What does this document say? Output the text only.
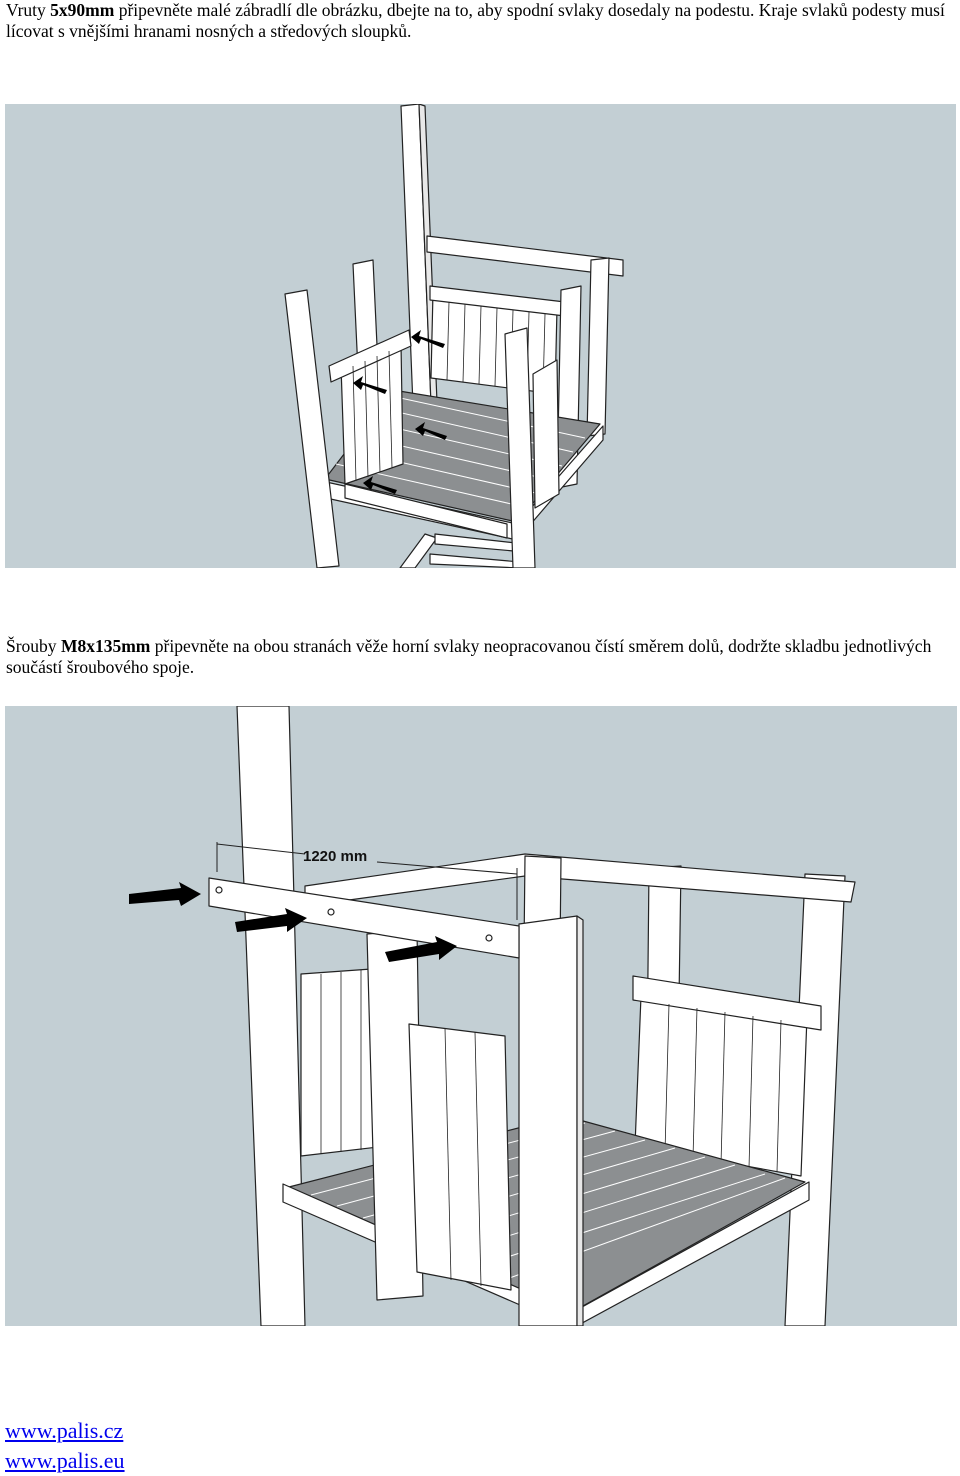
Vruty 5x90mm připevněte malé zábradlí dle obrázku, dbejte na to, aby spodní svlaky dosedaly na podestu. Kraje svlaků podesty musí lícovat s vnějšími hranami nosných a středových sloupků.

Šrouby M8x135mm připevněte na obou stranách věže horní svlaky neopracovanou čístí směrem dolů, dodržte skladbu jednotlivých součástí šroubového spoje.

1220 mm
www.palis.cz
www.palis.eu
